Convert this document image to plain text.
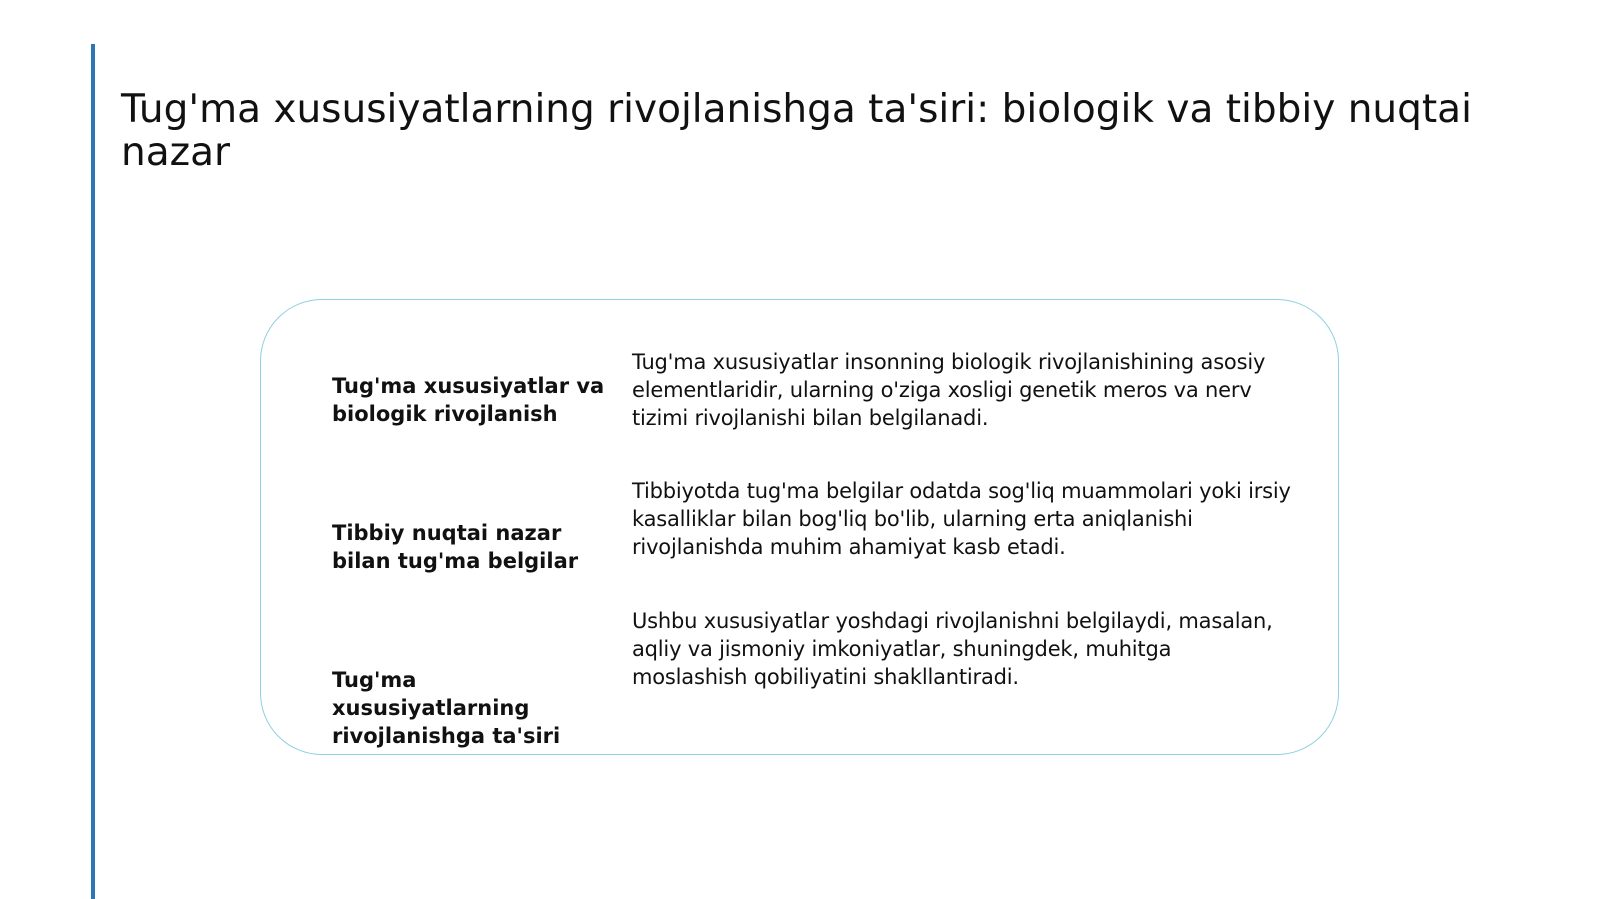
Tug'ma xususiyatlarning rivojlanishga ta'siri: biologik va tibbiy nuqtai nazar

Tug'ma xususiyatlar va biologik rivojlanish

Tug'ma xususiyatlar insonning biologik rivojlanishining asosiy elementlaridir, ularning o'ziga xosligi genetik meros va nerv tizimi rivojlanishi bilan belgilanadi.

Tibbiy nuqtai nazar bilan tug'ma belgilar

Tibbiyotda tug'ma belgilar odatda sog'liq muammolari yoki irsiy kasalliklar bilan bog'liq bo'lib, ularning erta aniqlanishi rivojlanishda muhim ahamiyat kasb etadi.

Tug'ma xususiyatlarning rivojlanishga ta'siri

Ushbu xususiyatlar yoshdagi rivojlanishni belgilaydi, masalan, aqliy va jismoniy imkoniyatlar, shuningdek, muhitga moslashish qobiliyatini shakllantiradi.
